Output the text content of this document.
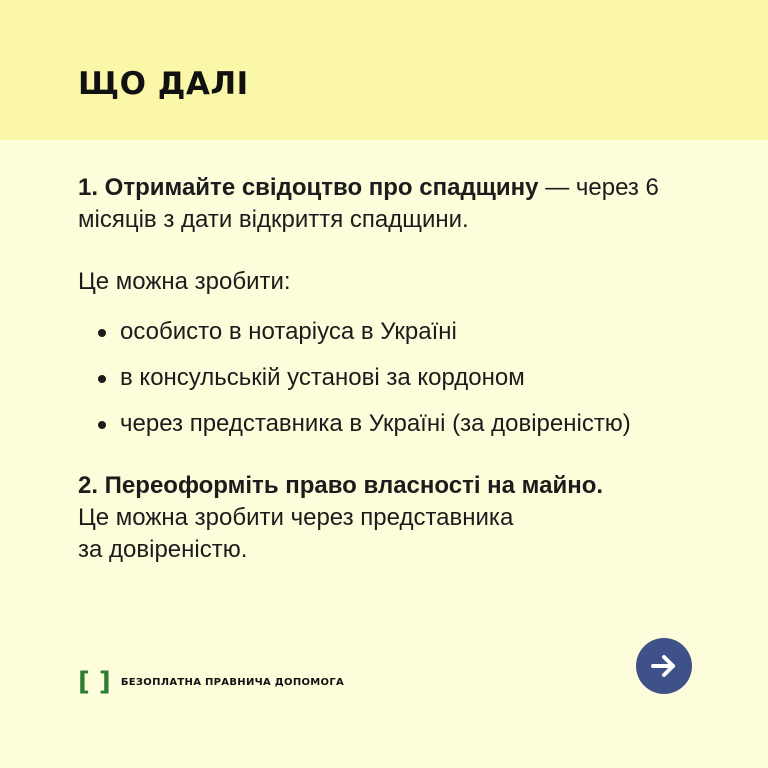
ЩО ДАЛІ

1. Отримайте свідоцтво про спадщину — через 6 місяців з дати відкриття спадщини.

Це можна зробити:

особисто в нотаріуса в Україні
в консульській установі за кордоном
через представника в Україні (за довіреністю)

2. Переоформіть право власності на майно.

Це можна зробити через представника

за довіреністю.

[ ] БЕЗОПЛАТНА ПРАВНИЧА ДОПОМОГА
